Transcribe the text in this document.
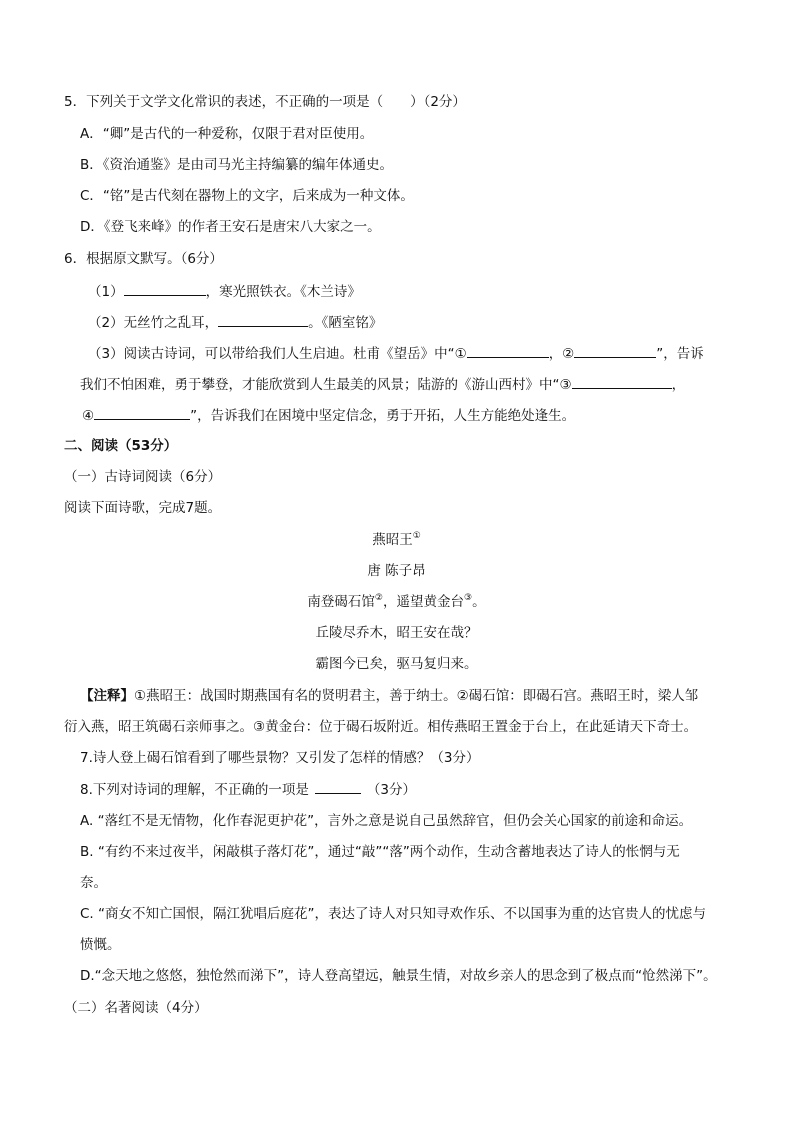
5．下列关于文学文化常识的表述，不正确的一项是（　　）（2分）
A．“卿”是古代的一种爱称，仅限于君对臣使用。
B．《资治通鉴》是由司马光主持编纂的编年体通史。
C．“铭”是古代刻在器物上的文字，后来成为一种文体。
D．《登飞来峰》的作者王安石是唐宋八大家之一。
6．根据原文默写。（6分）
（1）	，寒光照铁衣。《木兰诗》
（2）无丝竹之乱耳，	。《陋室铭》
（3）阅读古诗词，可以带给我们人生启迪。杜甫《望岳》中“①	，②	”，告诉
我们不怕困难，勇于攀登，才能欣赏到人生最美的风景；陆游的《游山西村》中“③	，
④	”，告诉我们在困境中坚定信念，勇于开拓，人生方能绝处逢生。
二、阅读（53分）
（一）古诗词阅读（6分）
阅读下面诗歌，完成7题。
燕昭王①
唐 陈子昂
南登碣石馆②，遥望黄金台③。
丘陵尽乔木，昭王安在哉？
霸图今已矣，驱马复归来。
【注释】①燕昭王：战国时期燕国有名的贤明君主，善于纳士。②碣石馆：即碣石宫。燕昭王时，梁人邹
衍入燕，昭王筑碣石亲师事之。③黄金台：位于碣石坂附近。相传燕昭王置金于台上，在此延请天下奇士。
7.诗人登上碣石馆看到了哪些景物？又引发了怎样的情感？（3分）
8.下列对诗词的理解，不正确的一项是	（3分）
A. “落红不是无情物，化作春泥更护花”，言外之意是说自己虽然辞官，但仍会关心国家的前途和命运。
B. “有约不来过夜半，闲敲棋子落灯花”，通过“敲”“落”两个动作，生动含蓄地表达了诗人的怅惘与无
奈。
C. “商女不知亡国恨，隔江犹唱后庭花”，表达了诗人对只知寻欢作乐、不以国事为重的达官贵人的忧虑与
愤慨。
D.“念天地之悠悠，独怆然而涕下”，诗人登高望远，触景生情，对故乡亲人的思念到了极点而“怆然涕下”。
（二）名著阅读（4分）
